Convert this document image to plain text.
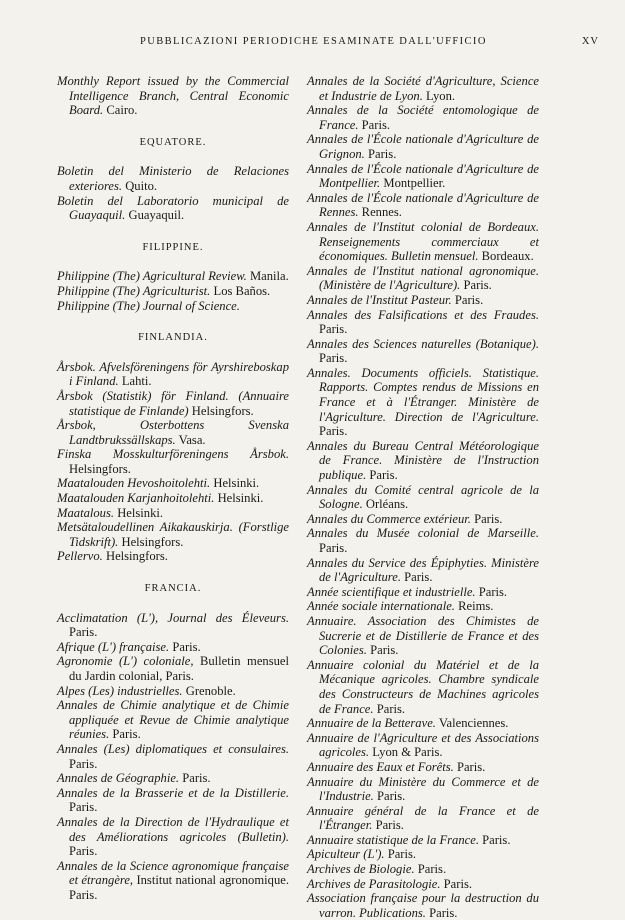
PUBBLICAZIONI PERIODICHE ESAMINATE DALL'UFFICIO	XV
Monthly Report issued by the Commercial Intelligence Branch, Central Economic Board. Cairo.
EQUATORE.
Boletin del Ministerio de Relaciones exteriores. Quito.
Boletin del Laboratorio municipal de Guayaquil. Guayaquil.
FILIPPINE.
Philippine (The) Agricultural Review. Manila.
Philippine (The) Agriculturist. Los Baños.
Philippine (The) Journal of Science.
FINLANDIA.
Årsbok. Afvelsföreningens för Ayrshireboskap i Finland. Lahti.
Årsbok (Statistik) för Finland. (Annuaire statistique de Finlande) Helsingfors.
Årsbok, Osterbottens Svenska Landtbrukssällskaps. Vasa.
Finska Mosskulturföreningens Årsbok. Helsingfors.
Maatalouden Hevoshoitolehti. Helsinki.
Maatalouden Karjanhoitolehti. Helsinki.
Maatalous. Helsinki.
Metsätaloudellinen Aikakauskirja. (Forstlige Tidskrift). Helsingfors.
Pellervo. Helsingfors.
FRANCIA.
Acclimatation (L'), Journal des Éleveurs. Paris.
Afrique (L') française. Paris.
Agronomie (L') coloniale, Bulletin mensuel du Jardin colonial, Paris.
Alpes (Les) industrielles. Grenoble.
Annales de Chimie analytique et de Chimie appliquée et Revue de Chimie analytique réunies. Paris.
Annales (Les) diplomatiques et consulaires. Paris.
Annales de Géographie. Paris.
Annales de la Brasserie et de la Distillerie. Paris.
Annales de la Direction de l'Hydraulique et des Améliorations agricoles (Bulletin). Paris.
Annales de la Science agronomique française et étrangère, Institut national agronomique. Paris.
Annales de la Société d'Agriculture, Science et Industrie de Lyon. Lyon.
Annales de la Société entomologique de France. Paris.
Annales de l'École nationale d'Agriculture de Grignon. Paris.
Annales de l'École nationale d'Agriculture de Montpellier. Montpellier.
Annales de l'École nationale d'Agriculture de Rennes. Rennes.
Annales de l'Institut colonial de Bordeaux. Renseignements commerciaux et économiques. Bulletin mensuel. Bordeaux.
Annales de l'Institut national agronomique. (Ministère de l'Agriculture). Paris.
Annales de l'Institut Pasteur. Paris.
Annales des Falsifications et des Fraudes. Paris.
Annales des Sciences naturelles (Botanique). Paris.
Annales. Documents officiels. Statistique. Rapports. Comptes rendus de Missions en France et à l'Étranger. Ministère de l'Agriculture. Direction de l'Agriculture. Paris.
Annales du Bureau Central Météorologique de France. Ministère de l'Instruction publique. Paris.
Annales du Comité central agricole de la Sologne. Orléans.
Annales du Commerce extérieur. Paris.
Annales du Musée colonial de Marseille. Paris.
Annales du Service des Épiphyties. Ministère de l'Agriculture. Paris.
Année scientifique et industrielle. Paris.
Année sociale internationale. Reims.
Annuaire. Association des Chimistes de Sucrerie et de Distillerie de France et des Colonies. Paris.
Annuaire colonial du Matériel et de la Mécanique agricoles. Chambre syndicale des Constructeurs de Machines agricoles de France. Paris.
Annuaire de la Betterave. Valenciennes.
Annuaire de l'Agriculture et des Associations agricoles. Lyon & Paris.
Annuaire des Eaux et Forêts. Paris.
Annuaire du Ministère du Commerce et de l'Industrie. Paris.
Annuaire général de la France et de l'Étranger. Paris.
Annuaire statistique de la France. Paris.
Apiculteur (L'). Paris.
Archives de Biologie. Paris.
Archives de Parasitologie. Paris.
Association française pour la destruction du varron. Publications. Paris.
